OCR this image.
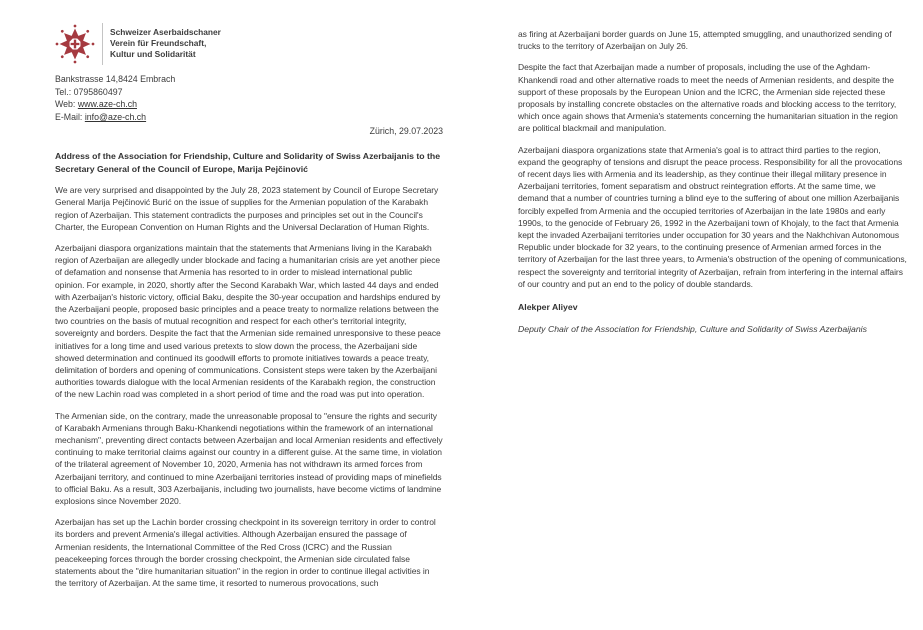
Schweizer Aserbaidschaner
Verein für Freundschaft,
Kultur und Solidarität
Bankstrasse 14,8424 Embrach
Tel.: 0795860497
Web: www.aze-ch.ch
E-Mail: info@aze-ch.ch
Zürich, 29.07.2023
Address of the Association for Friendship, Culture and Solidarity of Swiss Azerbaijanis to the Secretary General of the Council of Europe, Marija Pejčinović

We are very surprised and disappointed by the July 28, 2023 statement by Council of Europe Secretary General Marija Pejčinović Burić on the issue of supplies for the Armenian population of the Karabakh region of Azerbaijan. This statement contradicts the purposes and principles set out in the Council's Charter, the European Convention on Human Rights and the Universal Declaration of Human Rights.

Azerbaijani diaspora organizations maintain that the statements that Armenians living in the Karabakh region of Azerbaijan are allegedly under blockade and facing a humanitarian crisis are yet another piece of defamation and nonsense that Armenia has resorted to in order to mislead international public opinion. For example, in 2020, shortly after the Second Karabakh War, which lasted 44 days and ended with Azerbaijan's historic victory, official Baku, despite the 30-year occupation and hardships endured by the Azerbaijani people, proposed basic principles and a peace treaty to normalize relations between the two countries on the basis of mutual recognition and respect for each other's territorial integrity, sovereignty and borders. Despite the fact that the Armenian side remained unresponsive to these peace initiatives for a long time and used various pretexts to slow down the process, the Azerbaijani side showed determination and continued its goodwill efforts to promote initiatives towards a peace treaty, delimitation of borders and opening of communications. Consistent steps were taken by the Azerbaijani authorities towards dialogue with the local Armenian residents of the Karabakh region, the construction of the new Lachin road was completed in a short period of time and the road was put into operation.

The Armenian side, on the contrary, made the unreasonable proposal to "ensure the rights and security of Karabakh Armenians through Baku-Khankendi negotiations within the framework of an international mechanism", preventing direct contacts between Azerbaijan and local Armenian residents and effectively continuing to make territorial claims against our country in a different guise. At the same time, in violation of the trilateral agreement of November 10, 2020, Armenia has not withdrawn its armed forces from Azerbaijani territory, and continued to mine Azerbaijani territories instead of providing maps of minefields to official Baku. As a result, 303 Azerbaijanis, including two journalists, have become victims of landmine explosions since November 2020.

Azerbaijan has set up the Lachin border crossing checkpoint in its sovereign territory in order to control its borders and prevent Armenia's illegal activities. Although Azerbaijan ensured the passage of Armenian residents, the International Committee of the Red Cross (ICRC) and the Russian peacekeeping forces through the border crossing checkpoint, the Armenian side circulated false statements about the "dire humanitarian situation" in the region in order to continue illegal activities in the territory of Azerbaijan. At the same time, it resorted to numerous provocations, such

as firing at Azerbaijani border guards on June 15, attempted smuggling, and unauthorized sending of trucks to the territory of Azerbaijan on July 26.

Despite the fact that Azerbaijan made a number of proposals, including the use of the Aghdam-Khankendi road and other alternative roads to meet the needs of Armenian residents, and despite the support of these proposals by the European Union and the ICRC, the Armenian side rejected these proposals by installing concrete obstacles on the alternative roads and blocking access to the territory, which once again shows that Armenia's statements concerning the humanitarian situation in the region are political blackmail and manipulation.

Azerbaijani diaspora organizations state that Armenia's goal is to attract third parties to the region, expand the geography of tensions and disrupt the peace process. Responsibility for all the provocations of recent days lies with Armenia and its leadership, as they continue their illegal military presence in Azerbaijani territories, foment separatism and obstruct reintegration efforts. At the same time, we demand that a number of countries turning a blind eye to the suffering of about one million Azerbaijanis forcibly expelled from Armenia and the occupied territories of Azerbaijan in the late 1980s and early 1990s, to the genocide of February 26, 1992 in the Azerbaijani town of Khojaly, to the fact that Armenia kept the invaded Azerbaijani territories under occupation for 30 years and the Nakhchivan Autonomous Republic under blockade for 32 years, to the continuing presence of Armenian armed forces in the territory of Azerbaijan for the last three years, to Armenia's obstruction of the opening of communications, respect the sovereignty and territorial integrity of Azerbaijan, refrain from interfering in the internal affairs of our country and put an end to the policy of double standards.

Alekper Aliyev

Deputy Chair of the Association for Friendship, Culture and Solidarity of Swiss Azerbaijanis
